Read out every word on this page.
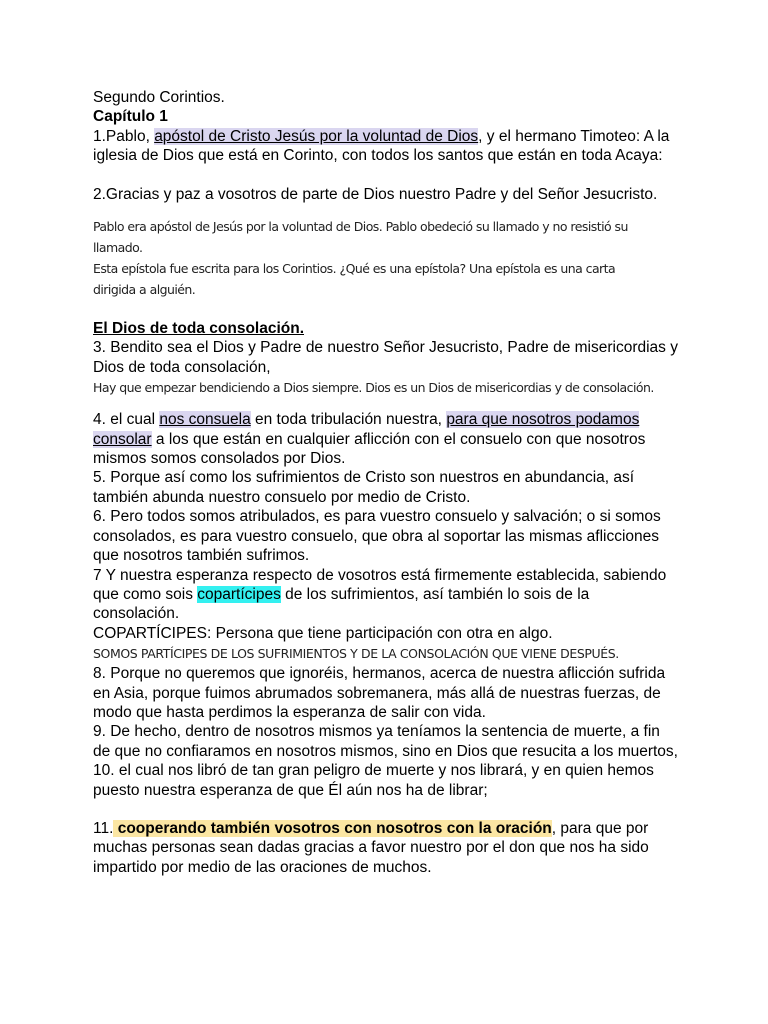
Segundo Corintios.
Capítulo 1
1.Pablo, apóstol de Cristo Jesús por la voluntad de Dios, y el hermano Timoteo: A la
iglesia de Dios que está en Corinto, con todos los santos que están en toda Acaya:
2.Gracias y paz a vosotros de parte de Dios nuestro Padre y del Señor Jesucristo.
Pablo era apóstol de Jesús por la voluntad de Dios. Pablo obedeció su llamado y no resistió su
llamado.
Esta epístola fue escrita para los Corintios. ¿Qué es una epístola? Una epístola es una carta
dirigida a alguién.
El Dios de toda consolación.
3. Bendito sea el Dios y Padre de nuestro Señor Jesucristo, Padre de misericordias y
Dios de toda consolación,
Hay que empezar bendiciendo a Dios siempre. Dios es un Dios de misericordias y de consolación.
4. el cual nos consuela en toda tribulación nuestra, para que nosotros podamos
consolar a los que están en cualquier aflicción con el consuelo con que nosotros
mismos somos consolados por Dios.
5. Porque así como los sufrimientos de Cristo son nuestros en abundancia, así
también abunda nuestro consuelo por medio de Cristo.
6. Pero todos somos atribulados, es para vuestro consuelo y salvación; o si somos
consolados, es para vuestro consuelo, que obra al soportar las mismas aflicciones
que nosotros también sufrimos.
7 Y nuestra esperanza respecto de vosotros está firmemente establecida, sabiendo
que como sois copartícipes de los sufrimientos, así también lo sois de la
consolación.
COPARTÍCIPES: Persona que tiene participación con otra en algo.
SOMOS PARTÍCIPES DE LOS SUFRIMIENTOS Y DE LA CONSOLACIÓN QUE VIENE DESPUÉS.
8. Porque no queremos que ignoréis, hermanos, acerca de nuestra aflicción sufrida
en Asia, porque fuimos abrumados sobremanera, más allá de nuestras fuerzas, de
modo que hasta perdimos la esperanza de salir con vida.
9. De hecho, dentro de nosotros mismos ya teníamos la sentencia de muerte, a fin
de que no confiaramos en nosotros mismos, sino en Dios que resucita a los muertos,
10. el cual nos libró de tan gran peligro de muerte y nos librará, y en quien hemos
puesto nuestra esperanza de que Él aún nos ha de librar;
11. cooperando también vosotros con nosotros con la oración, para que por
muchas personas sean dadas gracias a favor nuestro por el don que nos ha sido
impartido por medio de las oraciones de muchos.
